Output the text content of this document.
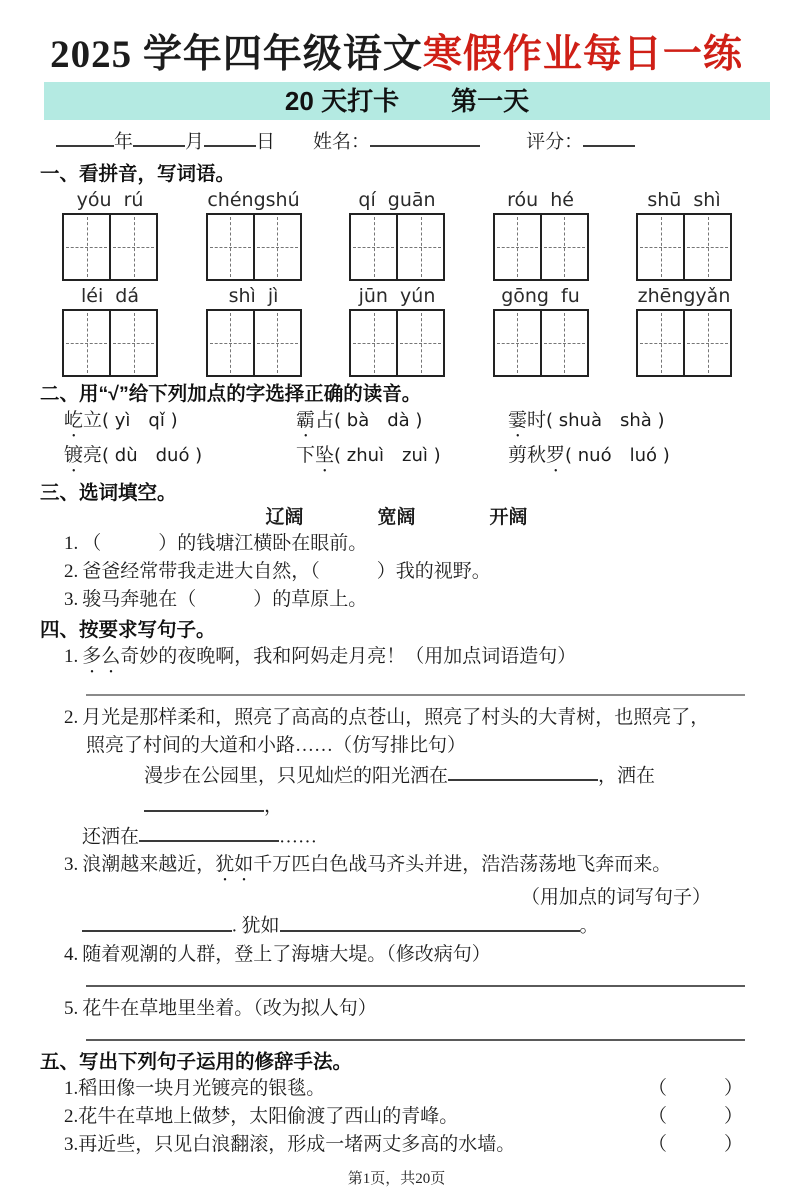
2025 学年四年级语文寒假作业每日一练
20 天打卡　　第一天
年	月	日 姓名：	评分：
一、看拼音，写词语。
yóu  rú	chéngshú	qí  guān	róu  hé	shū  shì
léi  dá	shì  jì	jūn  yún	gōng  fu	zhēngyǎn
二、用“√”给下列加点的字选择正确的读音。
屹立( yì　qǐ )	霸占( bà　dà )	霎时( shuà　shà )
镀亮( dù　duó )	下坠( zhuì　zuì )	剪秋罗( nuó　luó )
三、选词填空。
辽阔	宽阔	开阔
1. （　　　）的钱塘江横卧在眼前。
2. 爸爸经常带我走进大自然，（　　　）我的视野。
3. 骏马奔驰在（　　　）的草原上。
四、按要求写句子。
1. 多么奇妙的夜晚啊，我和阿妈走月亮！（用加点词语造句）
2. 月光是那样柔和，照亮了高高的点苍山，照亮了村头的大青树，也照亮了，
照亮了村间的大道和小路……（仿写排比句）
漫步在公园里，只见灿烂的阳光洒在	，洒在，
还洒在	……
3. 浪潮越来越近，犹如千万匹白色战马齐头并进，浩浩荡荡地飞奔而来。
（用加点的词写句子）
. 犹如	。
4. 随着观潮的人群，登上了海塘大堤。（修改病句）
5. 花牛在草地里坐着。（改为拟人句）
五、写出下列句子运用的修辞手法。
1.稻田像一块月光镀亮的银毯。	（　　　）
2.花牛在草地上做梦，太阳偷渡了西山的青峰。	（　　　）
3.再近些，只见白浪翻滚，形成一堵两丈多高的水墙。	（　　　）
第1页，共20页
